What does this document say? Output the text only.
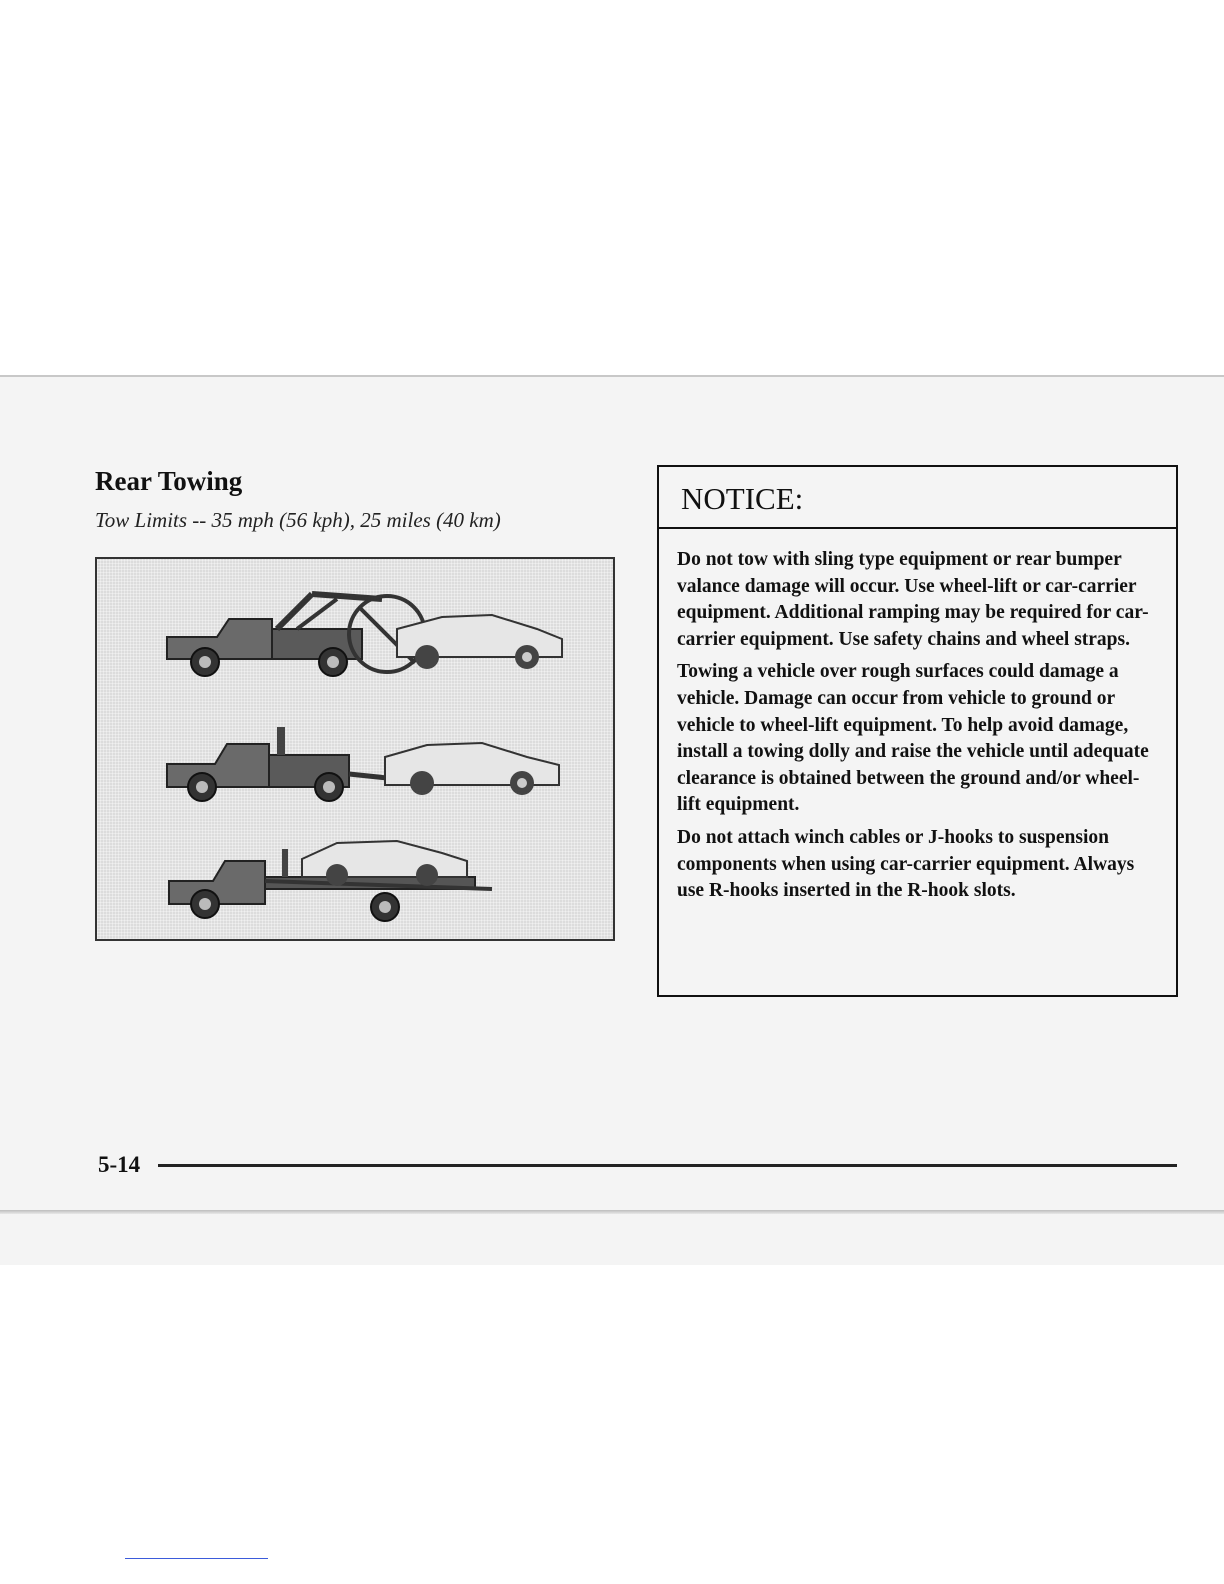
Rear Towing

Tow Limits -- 35 mph (56 kph), 25 miles (40 km)

NOTICE:

Do not tow with sling type equipment or rear bumper valance damage will occur. Use wheel-lift or car-carrier equipment. Additional ramping may be required for car-carrier equipment. Use safety chains and wheel straps.

Towing a vehicle over rough surfaces could damage a vehicle. Damage can occur from vehicle to ground or vehicle to wheel-lift equipment. To help avoid damage, install a towing dolly and raise the vehicle until adequate clearance is obtained between the ground and/or wheel-lift equipment.

Do not attach winch cables or J-hooks to suspension components when using car-carrier equipment. Always use R-hooks inserted in the R-hook slots.

5-14
